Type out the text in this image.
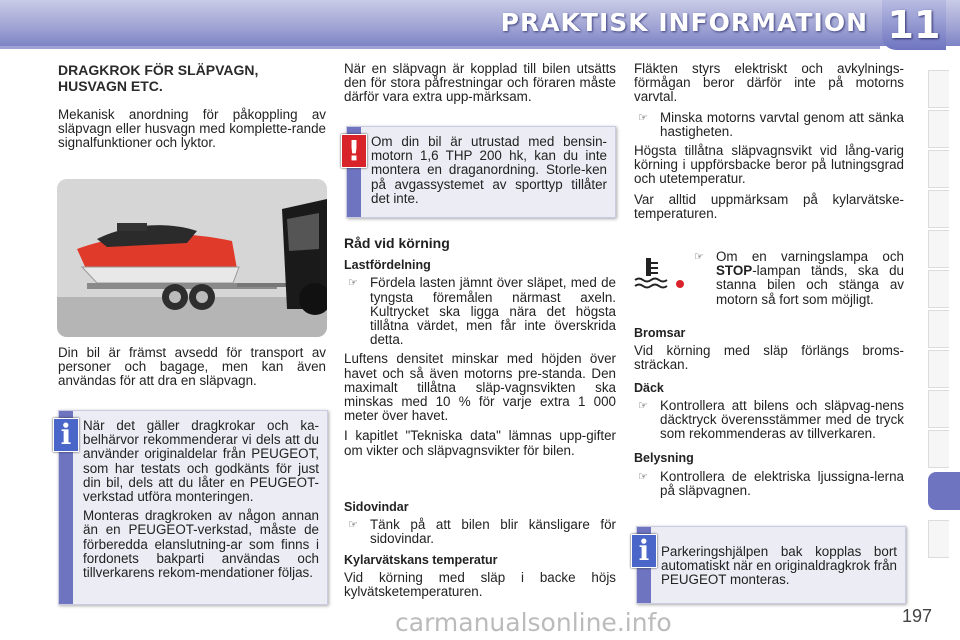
PRAKTISK INFORMATION 11
DRAGKROK FÖR SLÄPVAGN, HUSVAGN ETC.

Mekanisk anordning för påkoppling av släpvagn eller husvagn med komplette-rande signalfunktioner och lyktor.

Din bil är främst avsedd för transport av personer och bagage, men kan även användas för att dra en släpvagn.

När det gäller dragkrokar och ka-belhärvor rekommenderar vi dels att du använder originaldelar från PEUGEOT, som har testats och godkänts för just din bil, dels att du låter en PEUGEOT-verkstad utföra monteringen.

Monteras dragkroken av någon annan än en PEUGEOT-verkstad, måste de förberedda elanslutning-ar som finns i fordonets bakparti användas och tillverkarens rekom-mendationer följas.

i

När en släpvagn är kopplad till bilen utsätts den för stora påfrestningar och föraren måste därför vara extra upp-märksam.

Om din bil är utrustad med bensin-motorn 1,6 THP 200 hk, kan du inte montera en draganordning. Storle-ken på avgassystemet av sporttyp tillåter det inte.

!
Råd vid körning
Lastfördelning
☞ Fördela lasten jämnt över släpet, med de tyngsta föremålen närmast axeln. Kultrycket ska ligga nära det högsta tillåtna värdet, men får inte överskrida detta.

Luftens densitet minskar med höjden över havet och så även motorns pre-standa. Den maximalt tillåtna släp-vagnsvikten ska minskas med 10 % för varje extra 1 000 meter över havet.

I kapitlet "Tekniska data" lämnas upp-gifter om vikter och släpvagnsvikter för bilen.

Sidovindar
☞ Tänk på att bilen blir känsligare för sidovindar.
Kylarvätskans temperatur

Vid körning med släp i backe höjs kylvätsketemperaturen.

Fläkten styrs elektriskt och avkylnings-förmågan beror därför inte på motorns varvtal.

☞ Minska motorns varvtal genom att sänka hastigheten.

Högsta tillåtna släpvagnsvikt vid lång-varig körning i uppförsbacke beror på lutningsgrad och utetemperatur.

Var alltid uppmärksam på kylarvätske-temperaturen.

☞ Om en varningslampa och STOP-lampan tänds, ska du stanna bilen och stänga av motorn så fort som möjligt.
Bromsar

Vid körning med släp förlängs broms-sträckan.

Däck
☞ Kontrollera att bilens och släpvag-nens däcktryck överensstämmer med de tryck som rekommenderas av tillverkaren.
Belysning
☞ Kontrollera de elektriska ljussigna-lerna på släpvagnen.

Parkeringshjälpen bak kopplas bort automatiskt när en originaldragkrok från PEUGEOT monteras.

i
carmanualsonline.info	197
